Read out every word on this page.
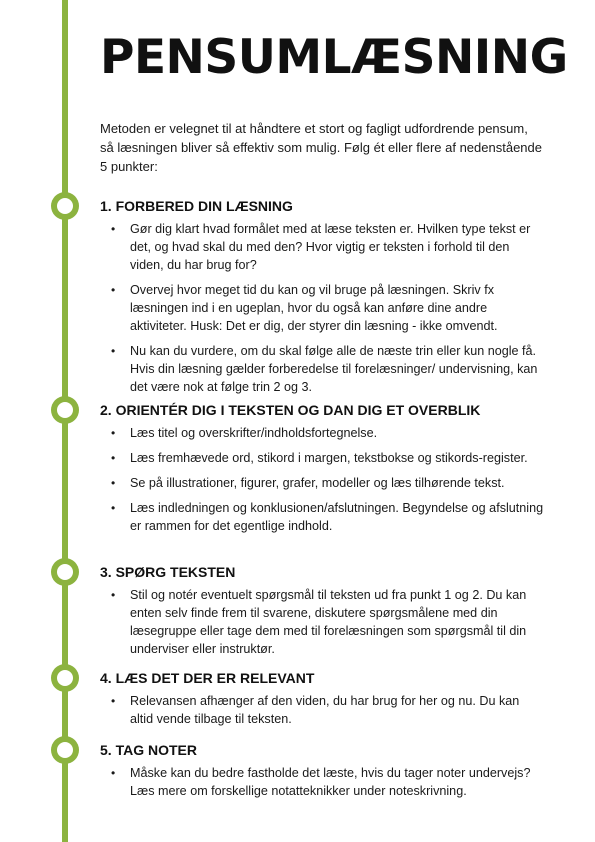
PENSUMLÆSNING

Metoden er velegnet til at håndtere et stort og fagligt udfordrende pensum, så læsningen bliver så effektiv som mulig. Følg ét eller flere af nedenstående 5 punkter:

1. FORBERED DIN LÆSNING
• Gør dig klart hvad formålet med at læse teksten er. Hvilken type tekst er det, og hvad skal du med den? Hvor vigtig er teksten i forhold til den viden, du har brug for?
• Overvej hvor meget tid du kan og vil bruge på læsningen. Skriv fx læsningen ind i en ugeplan, hvor du også kan anføre dine andre aktiviteter. Husk: Det er dig, der styrer din læsning - ikke omvendt.
• Nu kan du vurdere, om du skal følge alle de næste trin eller kun nogle få. Hvis din læsning gælder forberedelse til forelæsninger/ undervisning, kan det være nok at følge trin 2 og 3.
2. ORIENTÉR DIG I TEKSTEN OG DAN DIG ET OVERBLIK
• Læs titel og overskrifter/indholdsfortegnelse.
• Læs fremhævede ord, stikord i margen, tekstbokse og stikords-register.
• Se på illustrationer, figurer, grafer, modeller og læs tilhørende tekst.
• Læs indledningen og konklusionen/afslutningen. Begyndelse og afslutning er rammen for det egentlige indhold.
3. SPØRG TEKSTEN
• Stil og notér eventuelt spørgsmål til teksten ud fra punkt 1 og 2. Du kan enten selv finde frem til svarene, diskutere spørgsmålene med din læsegruppe eller tage dem med til forelæsningen som spørgsmål til din underviser eller instruktør.
4. LÆS DET DER ER RELEVANT
• Relevansen afhænger af den viden, du har brug for her og nu. Du kan altid vende tilbage til teksten.
5. TAG NOTER
• Måske kan du bedre fastholde det læste, hvis du tager noter undervejs? Læs mere om forskellige notatteknikker under noteskrivning.
